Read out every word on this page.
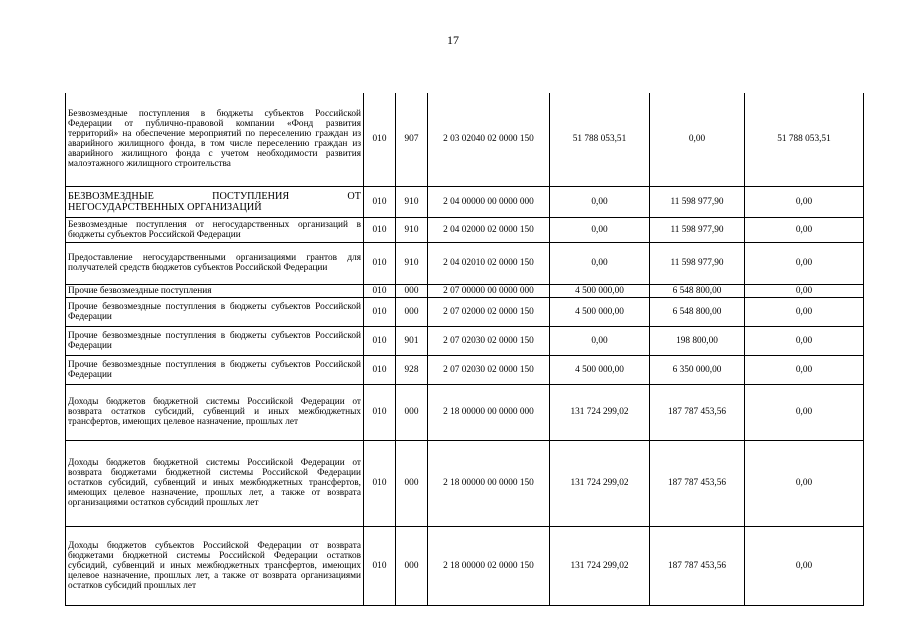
17
Безвозмездные поступления в бюджеты субъектов Российской Федерации от публично-правовой компании «Фонд развития территорий» на обеспечение мероприятий по переселению граждан из аварийного жилищного фонда, в том числе переселению граждан из аварийного жилищного фонда с учетом необходимости развития малоэтажного жилищного строительства	010	907	2 03 02040 02 0000 150	51 788 053,51	0,00	51 788 053,51
БЕЗВОЗМЕЗДНЫЕ ПОСТУПЛЕНИЯ ОТ НЕГОСУДАРСТВЕННЫХ ОРГАНИЗАЦИЙ	010	910	2 04 00000 00 0000 000	0,00	11 598 977,90	0,00
Безвозмездные поступления от негосударственных организаций в бюджеты субъектов Российской Федерации	010	910	2 04 02000 02 0000 150	0,00	11 598 977,90	0,00
Предоставление негосударственными организациями грантов для получателей средств бюджетов субъектов Российской Федерации	010	910	2 04 02010 02 0000 150	0,00	11 598 977,90	0,00
Прочие безвозмездные поступления	010	000	2 07 00000 00 0000 000	4 500 000,00	6 548 800,00	0,00
Прочие безвозмездные поступления в бюджеты субъектов Российской Федерации	010	000	2 07 02000 02 0000 150	4 500 000,00	6 548 800,00	0,00
Прочие безвозмездные поступления в бюджеты субъектов Российской Федерации	010	901	2 07 02030 02 0000 150	0,00	198 800,00	0,00
Прочие безвозмездные поступления в бюджеты субъектов Российской Федерации	010	928	2 07 02030 02 0000 150	4 500 000,00	6 350 000,00	0,00
Доходы бюджетов бюджетной системы Российской Федерации от возврата остатков субсидий, субвенций и иных межбюджетных трансфертов, имеющих целевое назначение, прошлых лет	010	000	2 18 00000 00 0000 000	131 724 299,02	187 787 453,56	0,00
Доходы бюджетов бюджетной системы Российской Федерации от возврата бюджетами бюджетной системы Российской Федерации остатков субсидий, субвенций и иных межбюджетных трансфертов, имеющих целевое назначение, прошлых лет, а также от возврата организациями остатков субсидий прошлых лет	010	000	2 18 00000 00 0000 150	131 724 299,02	187 787 453,56	0,00
Доходы бюджетов субъектов Российской Федерации от возврата бюджетами бюджетной системы Российской Федерации остатков субсидий, субвенций и иных межбюджетных трансфертов, имеющих целевое назначение, прошлых лет, а также от возврата организациями остатков субсидий прошлых лет	010	000	2 18 00000 02 0000 150	131 724 299,02	187 787 453,56	0,00
